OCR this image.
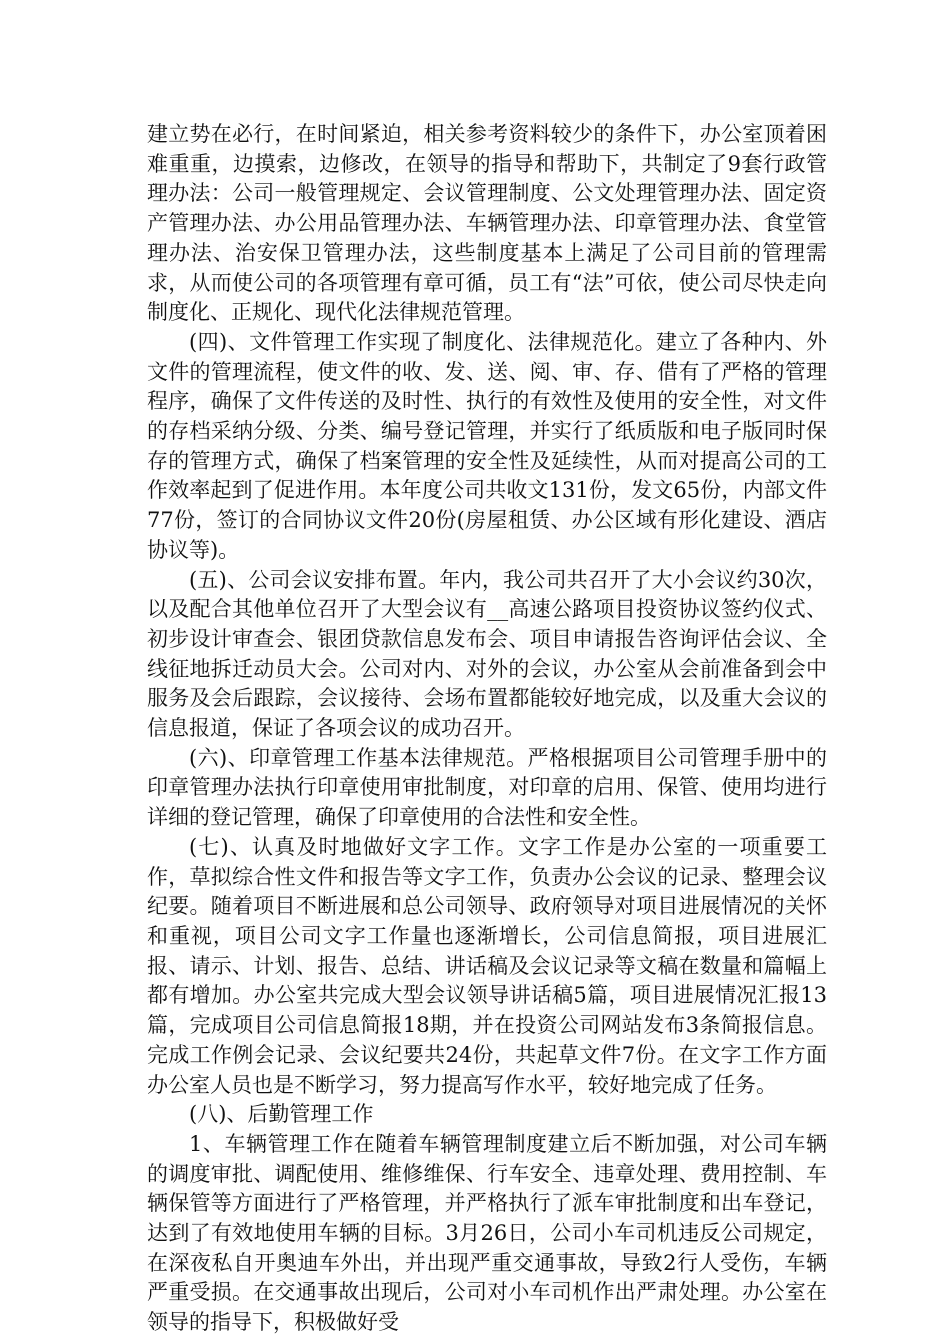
建立势在必行，在时间紧迫，相关参考资料较少的条件下，办公室顶着困难重重，边摸索，边修改，在领导的指导和帮助下，共制定了9套行政管理办法：公司一般管理规定、会议管理制度、公文处理管理办法、固定资产管理办法、办公用品管理办法、车辆管理办法、印章管理办法、食堂管理办法、治安保卫管理办法，这些制度基本上满足了公司目前的管理需求，从而使公司的各项管理有章可循，员工有“法”可依，使公司尽快走向制度化、正规化、现代化法律规范管理。

(四)、文件管理工作实现了制度化、法律规范化。建立了各种内、外文件的管理流程，使文件的收、发、送、阅、审、存、借有了严格的管理程序，确保了文件传送的及时性、执行的有效性及使用的安全性，对文件的存档采纳分级、分类、编号登记管理，并实行了纸质版和电子版同时保存的管理方式，确保了档案管理的安全性及延续性，从而对提高公司的工作效率起到了促进作用。本年度公司共收文131份，发文65份，内部文件77份，签订的合同协议文件20份(房屋租赁、办公区域有形化建设、酒店协议等)。

(五)、公司会议安排布置。年内，我公司共召开了大小会议约30次，以及配合其他单位召开了大型会议有__高速公路项目投资协议签约仪式、初步设计审查会、银团贷款信息发布会、项目申请报告咨询评估会议、全线征地拆迁动员大会。公司对内、对外的会议，办公室从会前准备到会中服务及会后跟踪，会议接待、会场布置都能较好地完成，以及重大会议的信息报道，保证了各项会议的成功召开。

(六)、印章管理工作基本法律规范。严格根据项目公司管理手册中的印章管理办法执行印章使用审批制度，对印章的启用、保管、使用均进行详细的登记管理，确保了印章使用的合法性和安全性。

(七)、认真及时地做好文字工作。文字工作是办公室的一项重要工作，草拟综合性文件和报告等文字工作，负责办公会议的记录、整理会议纪要。随着项目不断进展和总公司领导、政府领导对项目进展情况的关怀和重视，项目公司文字工作量也逐渐增长，公司信息简报，项目进展汇报、请示、计划、报告、总结、讲话稿及会议记录等文稿在数量和篇幅上都有增加。办公室共完成大型会议领导讲话稿5篇，项目进展情况汇报13篇，完成项目公司信息简报18期，并在投资公司网站发布3条简报信息。完成工作例会记录、会议纪要共24份，共起草文件7份。在文字工作方面办公室人员也是不断学习，努力提高写作水平，较好地完成了任务。

(八)、后勤管理工作

1、车辆管理工作在随着车辆管理制度建立后不断加强，对公司车辆的调度审批、调配使用、维修维保、行车安全、违章处理、费用控制、车辆保管等方面进行了严格管理，并严格执行了派车审批制度和出车登记，达到了有效地使用车辆的目标。3月26日，公司小车司机违反公司规定，在深夜私自开奥迪车外出，并出现严重交通事故，导致2行人受伤，车辆严重受损。在交通事故出现后，公司对小车司机作出严肃处理。办公室在领导的指导下，积极做好受
